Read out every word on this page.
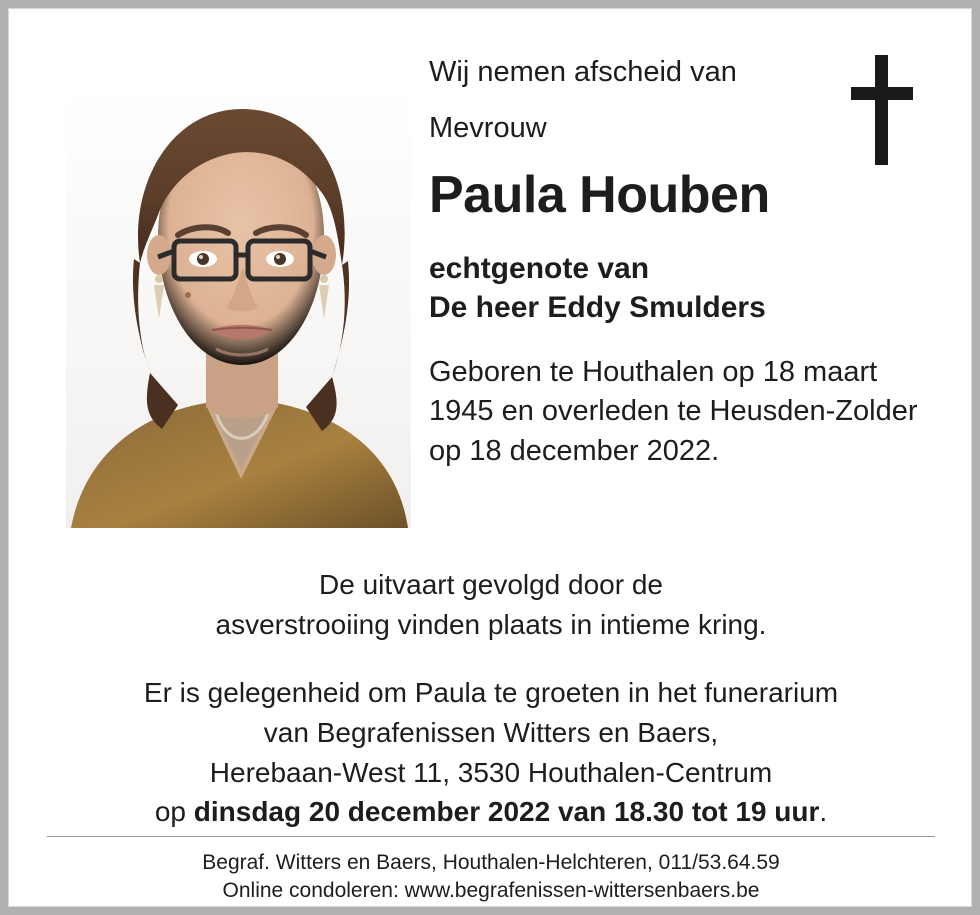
Wij nemen afscheid van
Mevrouw
Paula Houben
echtgenote van
De heer Eddy Smulders
Geboren te Houthalen op 18 maart 1945 en overleden te Heusden-Zolder op 18 december 2022.
De uitvaart gevolgd door de
asverstrooiing vinden plaats in intieme kring.
Er is gelegenheid om Paula te groeten in het funerarium
van Begrafenissen Witters en Baers,
Herebaan-West 11, 3530 Houthalen-Centrum
op dinsdag 20 december 2022 van 18.30 tot 19 uur.
Begraf. Witters en Baers, Houthalen-Helchteren, 011/53.64.59
Online condoleren: www.begrafenissen-wittersenbaers.be
